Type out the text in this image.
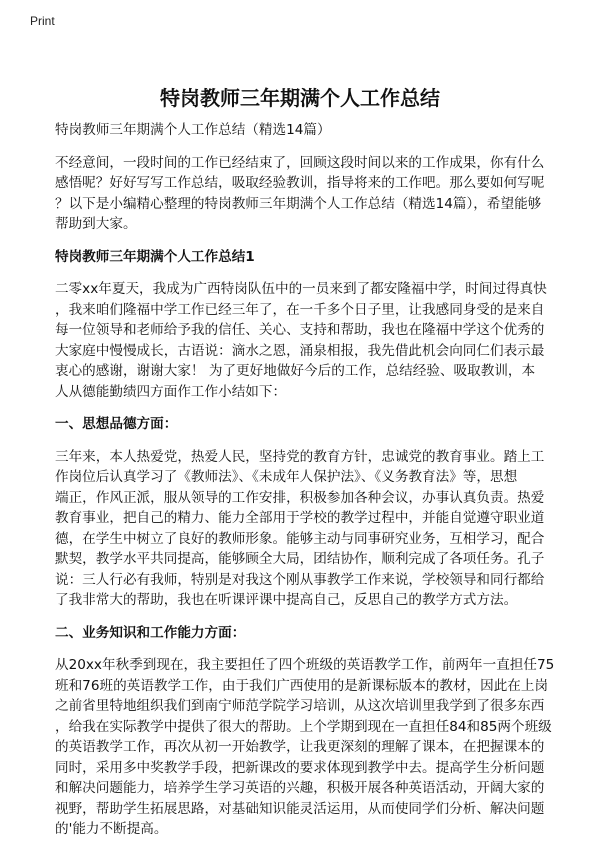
Print
特岗教师三年期满个人工作总结
特岗教师三年期满个人工作总结（精选14篇）
不经意间，一段时间的工作已经结束了，回顾这段时间以来的工作成果，你有什么
感悟呢？好好写写工作总结，吸取经验教训，指导将来的工作吧。那么要如何写呢
？以下是小编精心整理的特岗教师三年期满个人工作总结（精选14篇），希望能够
帮助到大家。
特岗教师三年期满个人工作总结1
二零xx年夏天，我成为广西特岗队伍中的一员来到了都安隆福中学，时间过得真快
，我来咱们隆福中学工作已经三年了，在一千多个日子里，让我感同身受的是来自
每一位领导和老师给予我的信任、关心、支持和帮助，我也在隆福中学这个优秀的
大家庭中慢慢成长，古语说：滴水之恩，涌泉相报，我先借此机会向同仁们表示最
衷心的感谢，谢谢大家！ 为了更好地做好今后的工作，总结经验、吸取教训，本
人从德能勤绩四方面作工作小结如下：
一、思想品德方面：
三年来，本人热爱党，热爱人民，坚持党的教育方针，忠诚党的教育事业。踏上工
作岗位后认真学习了《教师法》、《未成年人保护法》、《义务教育法》等，思想
端正，作风正派，服从领导的工作安排，积极参加各种会议，办事认真负责。热爱
教育事业，把自己的精力、能力全部用于学校的教学过程中，并能自觉遵守职业道
德，在学生中树立了良好的教师形象。能够主动与同事研究业务，互相学习，配合
默契，教学水平共同提高，能够顾全大局，团结协作，顺利完成了各项任务。孔子
说：三人行必有我师，特别是对我这个刚从事教学工作来说，学校领导和同行都给
了我非常大的帮助，我也在听课评课中提高自己，反思自己的教学方式方法。
二、业务知识和工作能力方面：
从20xx年秋季到现在，我主要担任了四个班级的英语教学工作，前两年一直担任75
班和76班的英语教学工作，由于我们广西使用的是新课标版本的教材，因此在上岗
之前省里特地组织我们到南宁师范学院学习培训，从这次培训里我学到了很多东西
，给我在实际教学中提供了很大的帮助。上个学期到现在一直担任84和85两个班级
的英语教学工作，再次从初一开始教学，让我更深刻的理解了课本，在把握课本的
同时，采用多中奖教学手段，把新课改的要求体现到教学中去。提高学生分析问题
和解决问题能力，培养学生学习英语的兴趣，积极开展各种英语活动，开阔大家的
视野，帮助学生拓展思路，对基础知识能灵活运用，从而使同学们分析、解决问题
的'能力不断提高。
